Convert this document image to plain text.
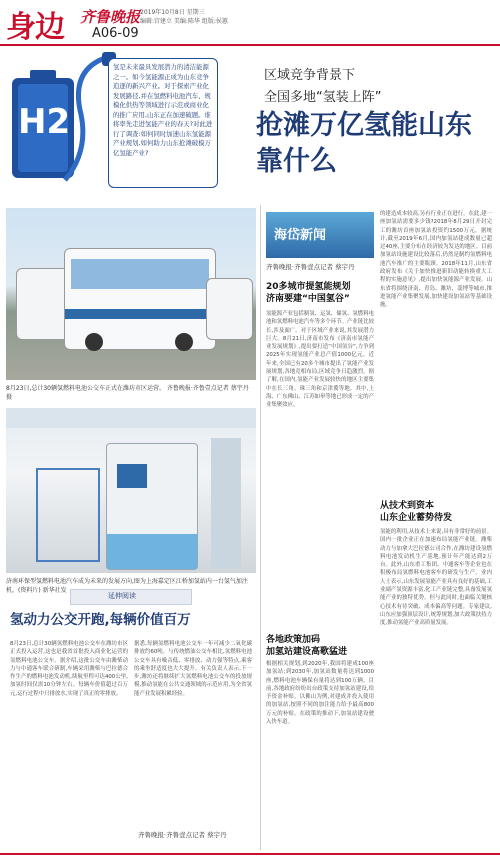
身边 齐鲁晚报 2019年10月8日 星期三
编辑:宫建立 美编:陈华 组版:侯蕙
A06-09
H2
氢是未来最具发展潜力的清洁能源之一。如今氢能源正成为山东竞争追逐的新兴产业。对于探索产业化发展路径,并在氢燃料电池汽车、规模化供热等领域进行示范或商业化的推广应用,山东正在加速破题。谁将率先走进氢能产业的春天?对此进行了调查:如何同时加速山东氢能源产业规划,如何助力山东抢滩破模万亿氢能产业?
区域竞争背景下
全国多地“氢装上阵”
抢滩万亿氢能山东靠什么
8月23日,总计30辆氢燃料电池公交车正式在潍坊市区运营。 齐鲁晚报·齐鲁壹点记者 蔡宇丹 摄
济南环保型氢燃料电池汽车成为未来的发展方向,图为上海嘉定区江桥加氢站内一台氢气加注机。(资料片) 新华社发
海岱新闻
齐鲁晚报·齐鲁壹点记者 蔡宇丹
20多城市提氢能规划
济南要建“中国氢谷”
氢能源产业包括制氢、运氢、储氢、氢燃料电池和氢燃料电池汽车等多个环节。产业链比较长,涉及面广。对于区域产业来说,其发展潜力巨大。8月21日,济南市发布《济南市氢能产业发展规划》,提出要打造“中国氢谷”,力争到2025年实现氢能产业总产值1000亿元。近年来,全国已有20多个城市提出了氢能产业发展规划,各地竞相布局,区域竞争日趋激烈。据了解,在国内,氢能产业发展较快的地区主要集中在长三角、珠三角和京津冀等地。其中,上海、广东佛山、江苏如皋等地已形成一定的产业集聚效应。
的建造成本较高,另有行业正在进行。在此,建一座加氢站需要多少钱?2018年8月29日开封完工的潍坊首座加氢站投资约1500万元。据统计,截至2019年6月,国内加氢站建成数量已超过40座,主要分布在经济较为发达的地区。目前加氢站设施建设比较落后,仍然是制约氢燃料电池汽车推广的主要瓶颈。2018年11月,山东省政府发布《关于加快推进新旧动能转换重大工程的实施意见》,提出加快氢能源产业发展。山东省将围绕济南、青岛、潍坊、淄博等城市,推进氢能产业集聚发展,加快建设加氢站等基础设施。
从技术到资本
山东企业蓄势待发
氢能的利用,从技术上来说,具有非常好的前景。国内一批企业正在加速布局氢能产业链。潍柴动力与加拿大巴拉德公司合作,在潍坊建设氢燃料电池发动机生产基地,预计年产能达到2万台。此外,山东重工集团、中通客车等企业也在积极布局氢燃料电池客车的研发与生产。业内人士表示,山东发展氢能产业具有良好的基础,工业副产氢资源丰富,化工产业链完整,具备发展氢能产业的独特优势。但与此同时,也面临关键核心技术有待突破、成本偏高等问题。专家建议,山东应加强顶层设计,统筹规划,加大政策扶持力度,推动氢能产业高质量发展。
各地政策加码
加氢站建设高歌猛进
根据相关规划,到2020年,我国将建成100座加氢站;到2030年,加氢站数量将达到1000座,燃料电池车辆保有量将达到100万辆。目前,各地政府纷纷出台政策支持加氢站建设,给予资金补贴。以佛山为例,对建成并投入使用的加氢站,按照不同的加注能力给予最高800万元的补贴。在政策的推动下,加氢站建设驶入快车道。
延伸阅读
氢动力公交开跑,每辆价值百万
8月23日,总计30辆氢燃料电池公交车在潍坊市区正式投入运营,这也是我省首批投入商业化运营的氢燃料电池公交车。据介绍,这批公交车由潍柴动力与中通客车联合研制,车辆采用潍柴与巴拉德合作生产的燃料电池发动机,续航里程可达400公里,加氢时间仅需10分钟左右。每辆车价值超过百万元,运行过程中只排放水,实现了真正的零排放。
据悉,每辆氢燃料电池公交车一年可减少二氧化碳排放约60吨。与传统燃油公交车相比,氢燃料电池公交车具有噪音低、零排放、动力强等特点,乘客的乘坐舒适度也大大提升。有关负责人表示,下一步,潍坊还将继续扩大氢燃料电池公交车的投放规模,推动氢能在公共交通领域的示范应用,为全省氢能产业发展积累经验。
齐鲁晚报·齐鲁壹点记者 蔡宇丹
